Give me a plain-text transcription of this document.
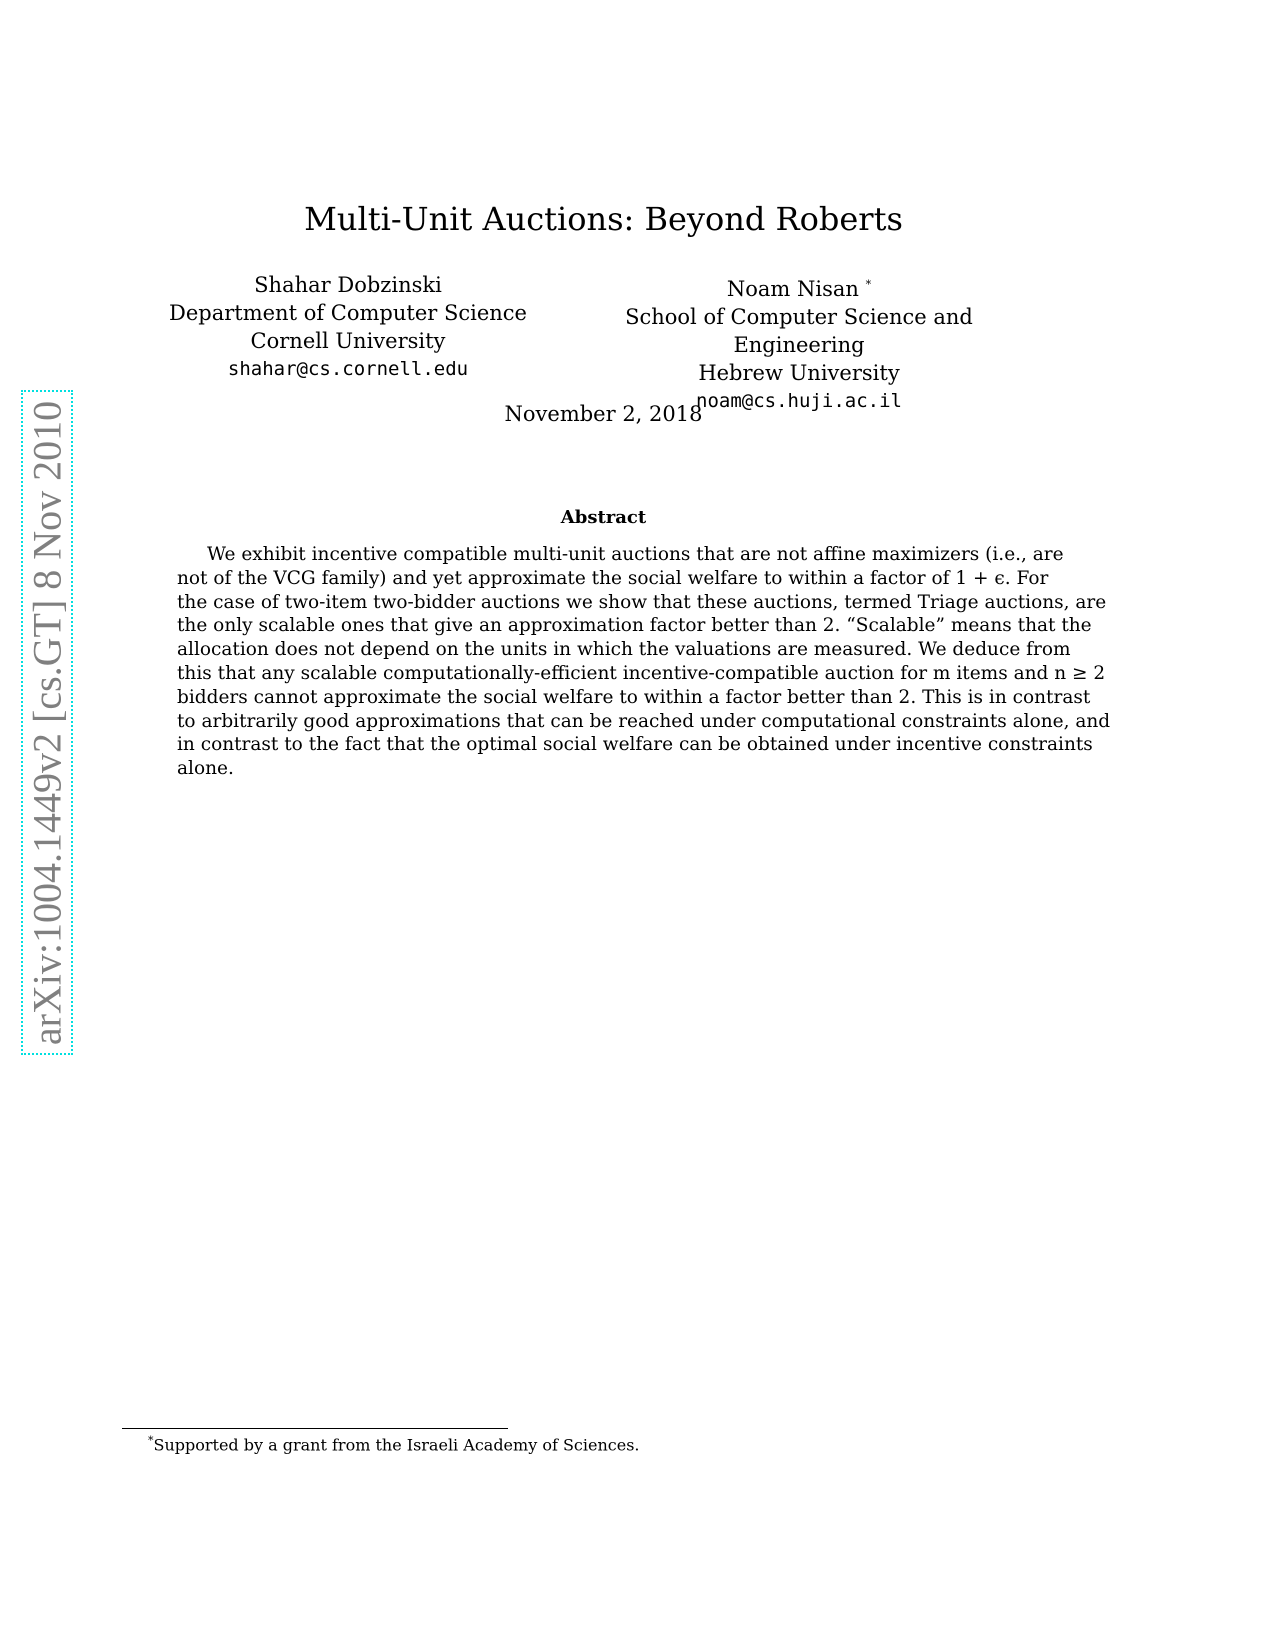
arXiv:1004.1449v2 [cs.GT] 8 Nov 2010
Multi-Unit Auctions: Beyond Roberts
Shahar Dobzinski
Department of Computer Science
Cornell University
shahar@cs.cornell.edu
Noam Nisan *
School of Computer Science and Engineering
Hebrew University
noam@cs.huji.ac.il
November 2, 2018
Abstract
We exhibit incentive compatible multi-unit auctions that are not affine maximizers (i.e., are
not of the VCG family) and yet approximate the social welfare to within a factor of 1 + ϵ. For
the case of two-item two-bidder auctions we show that these auctions, termed Triage auctions, are
the only scalable ones that give an approximation factor better than 2. “Scalable” means that the
allocation does not depend on the units in which the valuations are measured. We deduce from
this that any scalable computationally-efficient incentive-compatible auction for m items and n ≥ 2
bidders cannot approximate the social welfare to within a factor better than 2. This is in contrast
to arbitrarily good approximations that can be reached under computational constraints alone, and
in contrast to the fact that the optimal social welfare can be obtained under incentive constraints
alone.
*Supported by a grant from the Israeli Academy of Sciences.
